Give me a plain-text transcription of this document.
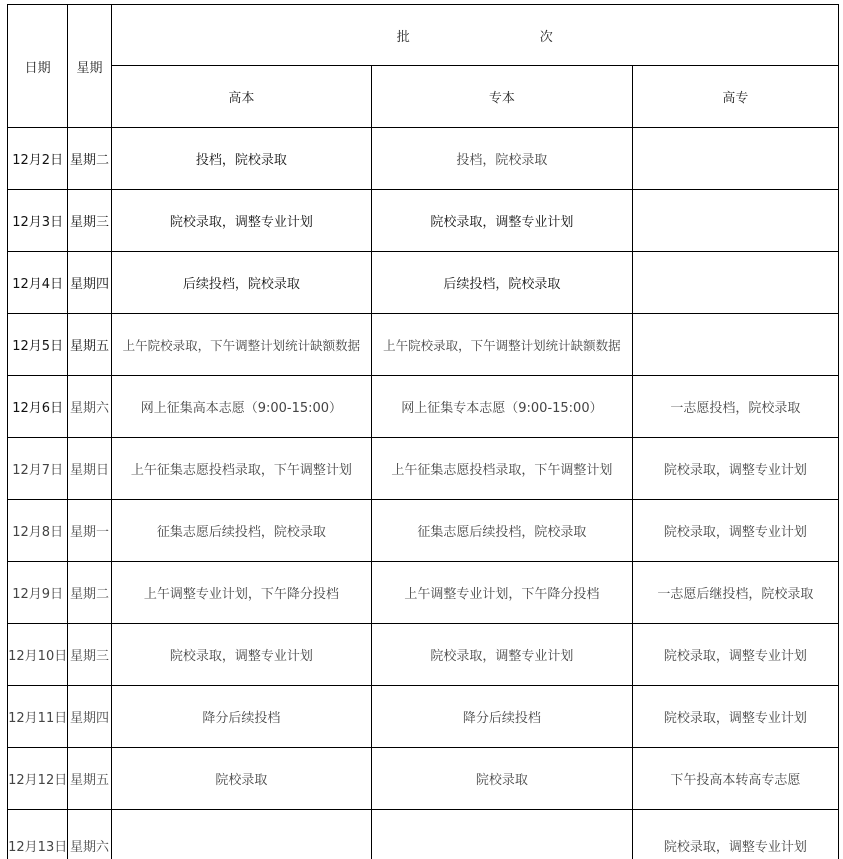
日期	星期	批　　　　　　　　　　次		
		高本	专本	高专
12月2日	星期二	投档，院校录取	投档，院校录取	
12月3日	星期三	院校录取，调整专业计划	院校录取，调整专业计划	
12月4日	星期四	后续投档，院校录取	后续投档，院校录取	
12月5日	星期五	上午院校录取，下午调整计划统计缺额数据	上午院校录取，下午调整计划统计缺额数据	
12月6日	星期六	网上征集高本志愿（9:00-15:00）	网上征集专本志愿（9:00-15:00）	一志愿投档，院校录取
12月7日	星期日	上午征集志愿投档录取，下午调整计划	上午征集志愿投档录取，下午调整计划	院校录取，调整专业计划
12月8日	星期一	征集志愿后续投档，院校录取	征集志愿后续投档，院校录取	院校录取，调整专业计划
12月9日	星期二	上午调整专业计划，下午降分投档	上午调整专业计划，下午降分投档	一志愿后继投档，院校录取
12月10日	星期三	院校录取，调整专业计划	院校录取，调整专业计划	院校录取，调整专业计划
12月11日	星期四	降分后续投档	降分后续投档	院校录取，调整专业计划
12月12日	星期五	院校录取	院校录取	下午投高本转高专志愿
12月13日	星期六			院校录取，调整专业计划
